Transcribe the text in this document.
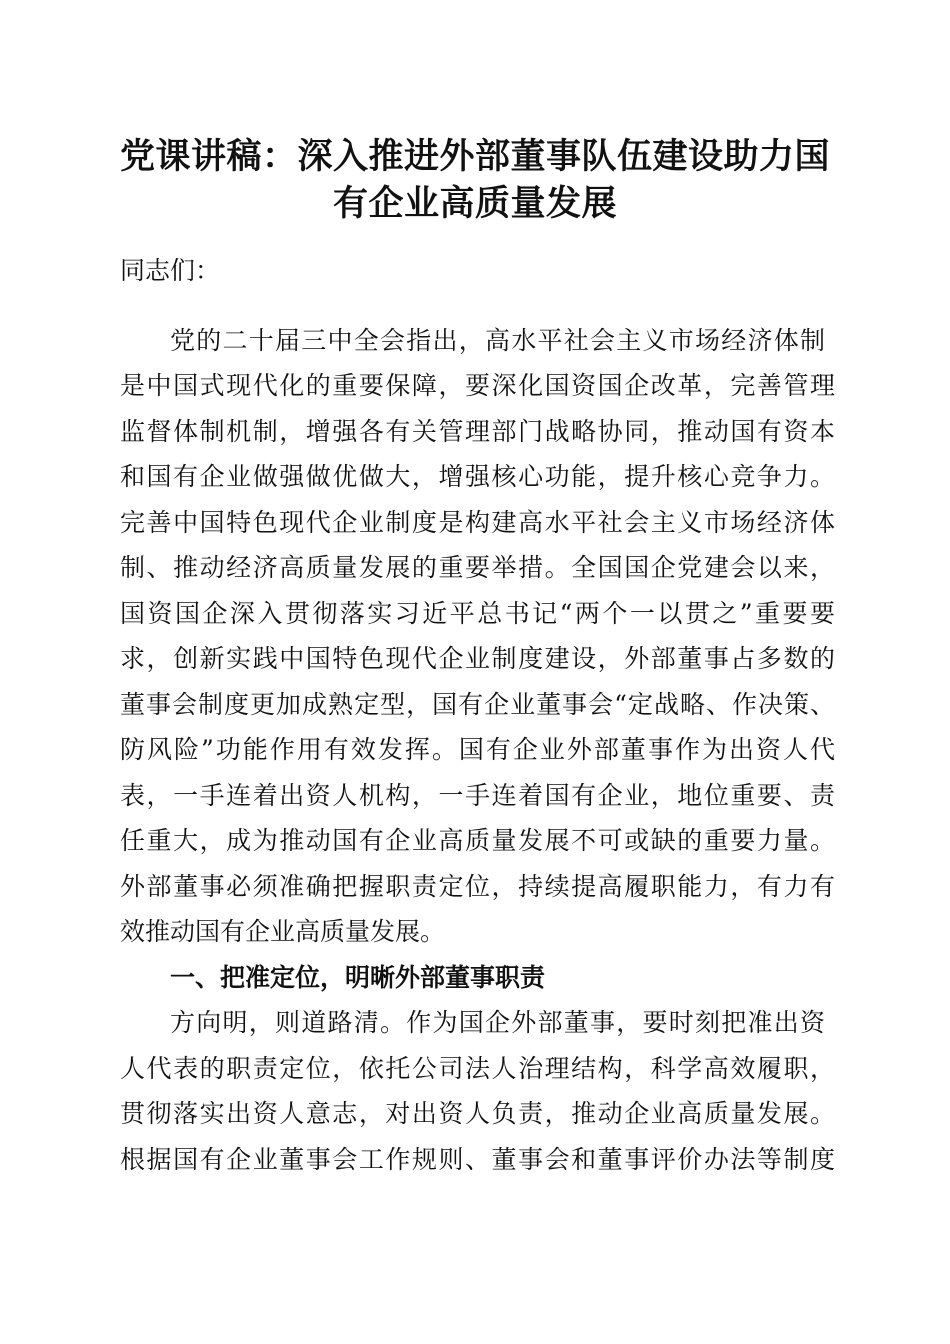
党课讲稿：深入推进外部董事队伍建设助力国
有企业高质量发展
同志们：
党的二十届三中全会指出，高水平社会主义市场经济体制
是中国式现代化的重要保障，要深化国资国企改革，完善管理
监督体制机制，增强各有关管理部门战略协同，推动国有资本
和国有企业做强做优做大，增强核心功能，提升核心竞争力。
完善中国特色现代企业制度是构建高水平社会主义市场经济体
制、推动经济高质量发展的重要举措。全国国企党建会以来，
国资国企深入贯彻落实习近平总书记“两个一以贯之”重要要
求，创新实践中国特色现代企业制度建设，外部董事占多数的
董事会制度更加成熟定型，国有企业董事会“定战略、作决策、
防风险”功能作用有效发挥。国有企业外部董事作为出资人代
表，一手连着出资人机构，一手连着国有企业，地位重要、责
任重大，成为推动国有企业高质量发展不可或缺的重要力量。
外部董事必须准确把握职责定位，持续提高履职能力，有力有
效推动国有企业高质量发展。
一、把准定位，明晰外部董事职责
方向明，则道路清。作为国企外部董事，要时刻把准出资
人代表的职责定位，依托公司法人治理结构，科学高效履职，
贯彻落实出资人意志，对出资人负责，推动企业高质量发展。
根据国有企业董事会工作规则、董事会和董事评价办法等制度
